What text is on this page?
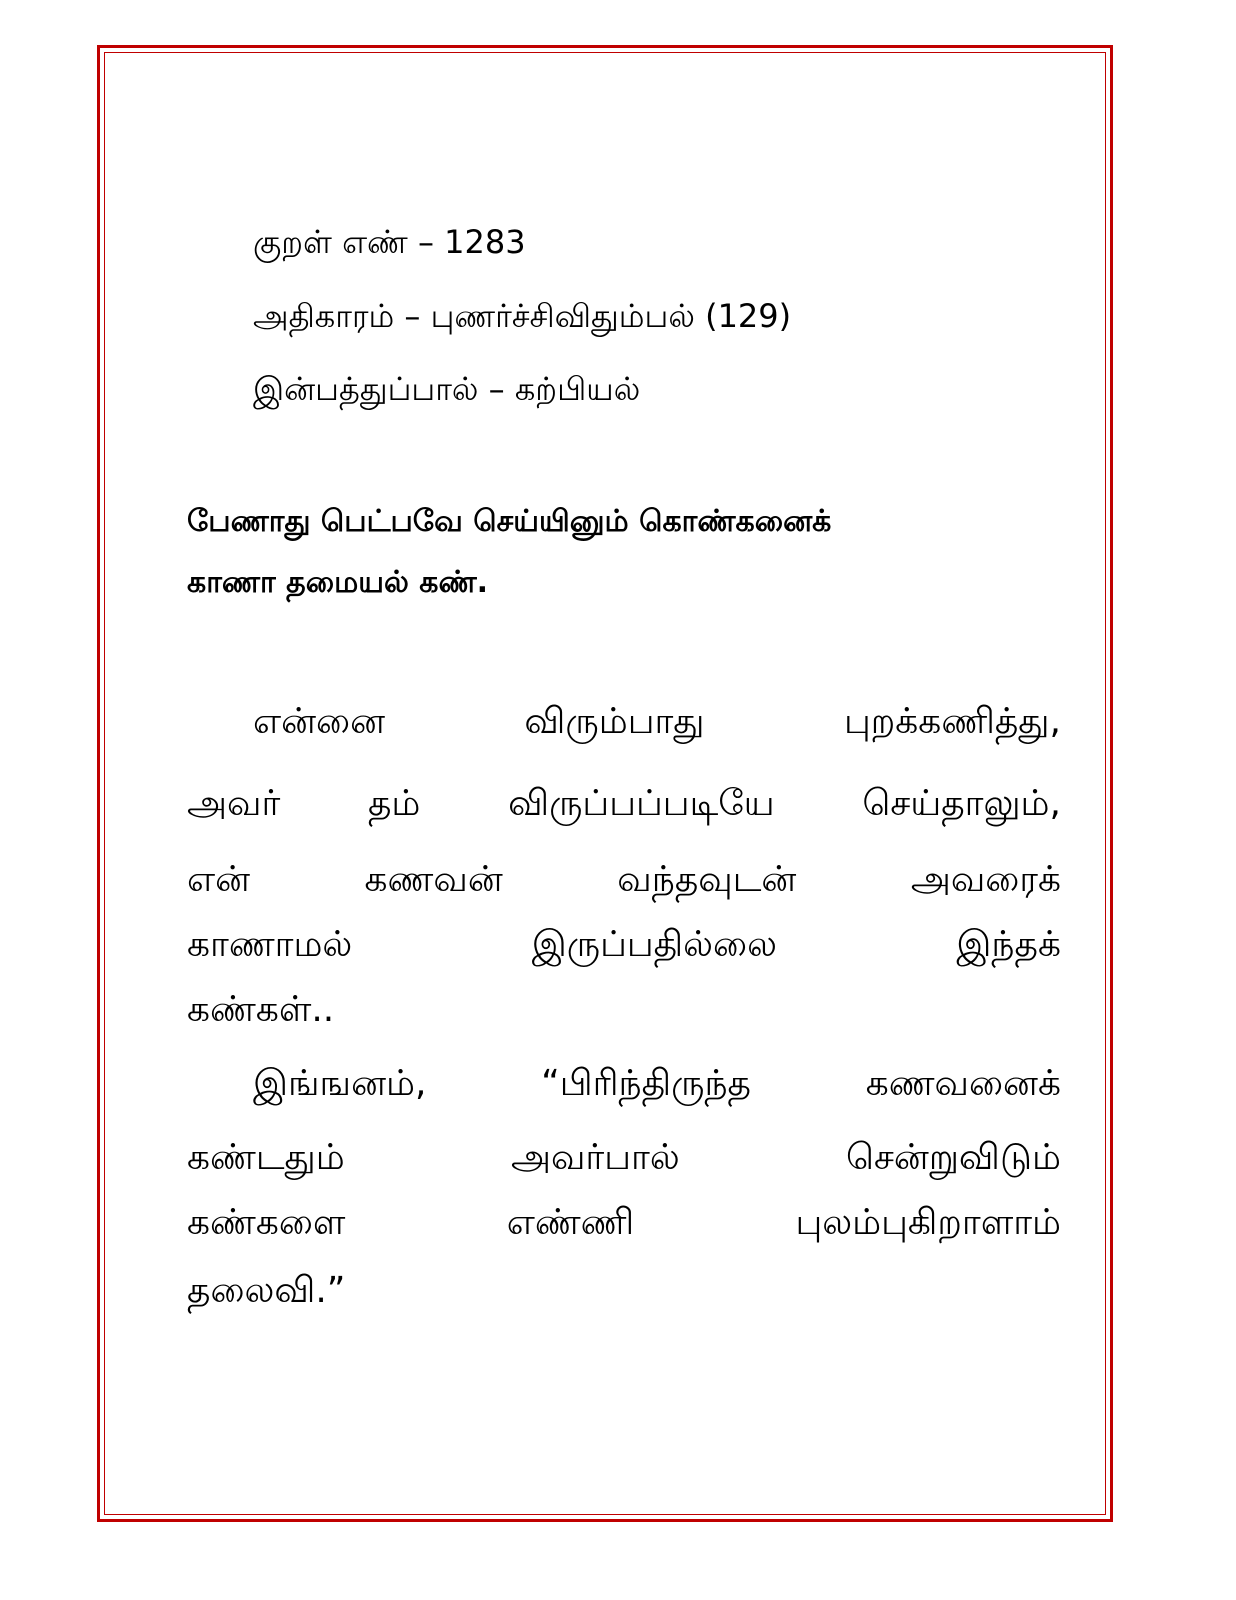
குறள் எண் – 1283
அதிகாரம் – புணர்ச்சிவிதும்பல் (129)
இன்பத்துப்பால் – கற்பியல்
பேணாது பெட்பவே செய்யினும் கொண்கனைக்
காணா தமையல் கண்.
என்னை	விரும்பாது	புறக்கணித்து,
அவர் தம் விருப்பப்படியே செய்தாலும்,
என்	கணவன்	வந்தவுடன்	அவரைக்
காணாமல்	இருப்பதில்லை	இந்தக்
கண்கள்..
இங்ஙனம்,	“பிரிந்திருந்த	கணவனைக்
கண்டதும்	அவர்பால்	சென்றுவிடும்
கண்களை	எண்ணி	புலம்புகிறாளாம்
தலைவி.”
